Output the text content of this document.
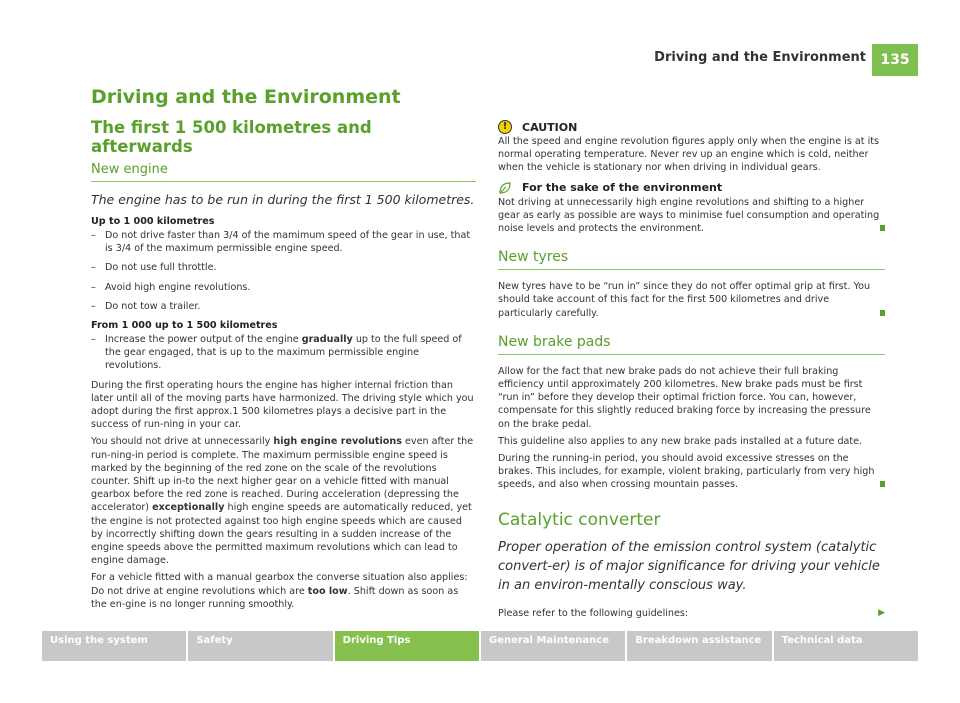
Driving and the Environment	135
Driving and the Environment
The first 1 500 kilometres and afterwards
New engine
The engine has to be run in during the first 1 500 kilometres.
Up to 1 000 kilometres
– Do not drive faster than 3/4 of the mamimum speed of the gear in use, that is 3/4 of the maximum permissible engine speed.
– Do not use full throttle.
– Avoid high engine revolutions.
– Do not tow a trailer.
From 1 000 up to 1 500 kilometres
– Increase the power output of the engine gradually up to the full speed of the gear engaged, that is up to the maximum permissible engine revolutions.

During the first operating hours the engine has higher internal friction than later until all of the moving parts have harmonized. The driving style which you adopt during the first approx.1 500 kilometres plays a decisive part in the success of run-ning in your car.

You should not drive at unnecessarily high engine revolutions even after the run-ning-in period is complete. The maximum permissible engine speed is marked by the beginning of the red zone on the scale of the revolutions counter. Shift up in-to the next higher gear on a vehicle fitted with manual gearbox before the red zone is reached. During acceleration (depressing the accelerator) exceptionally high engine speeds are automatically reduced, yet the engine is not protected against too high engine speeds which are caused by incorrectly shifting down the gears resulting in a sudden increase of the engine speeds above the permitted maximum revolutions which can lead to engine damage.

For a vehicle fitted with a manual gearbox the converse situation also applies: Do not drive at engine revolutions which are too low. Shift down as soon as the en-gine is no longer running smoothly.

!	CAUTION

All the speed and engine revolution figures apply only when the engine is at its normal operating temperature. Never rev up an engine which is cold, neither when the vehicle is stationary nor when driving in individual gears.

For the sake of the environment

Not driving at unnecessarily high engine revolutions and shifting to a higher gear as early as possible are ways to minimise fuel consumption and operating noise levels and protects the environment.

New tyres

New tyres have to be “run in” since they do not offer optimal grip at first. You should take account of this fact for the first 500 kilometres and drive particularly carefully.

New brake pads

Allow for the fact that new brake pads do not achieve their full braking efficiency until approximately 200 kilometres. New brake pads must be first “run in” before they develop their optimal friction force. You can, however, compensate for this slightly reduced braking force by increasing the pressure on the brake pedal.

This guideline also applies to any new brake pads installed at a future date.

During the running-in period, you should avoid excessive stresses on the brakes. This includes, for example, violent braking, particularly from very high speeds, and also when crossing mountain passes.

Catalytic converter
Proper operation of the emission control system (catalytic convert-er) is of major significance for driving your vehicle in an environ-mentally conscious way.

Please refer to the following guidelines:	▶

Using the system	Safety	Driving Tips	General Maintenance	Breakdown assistance	Technical data
